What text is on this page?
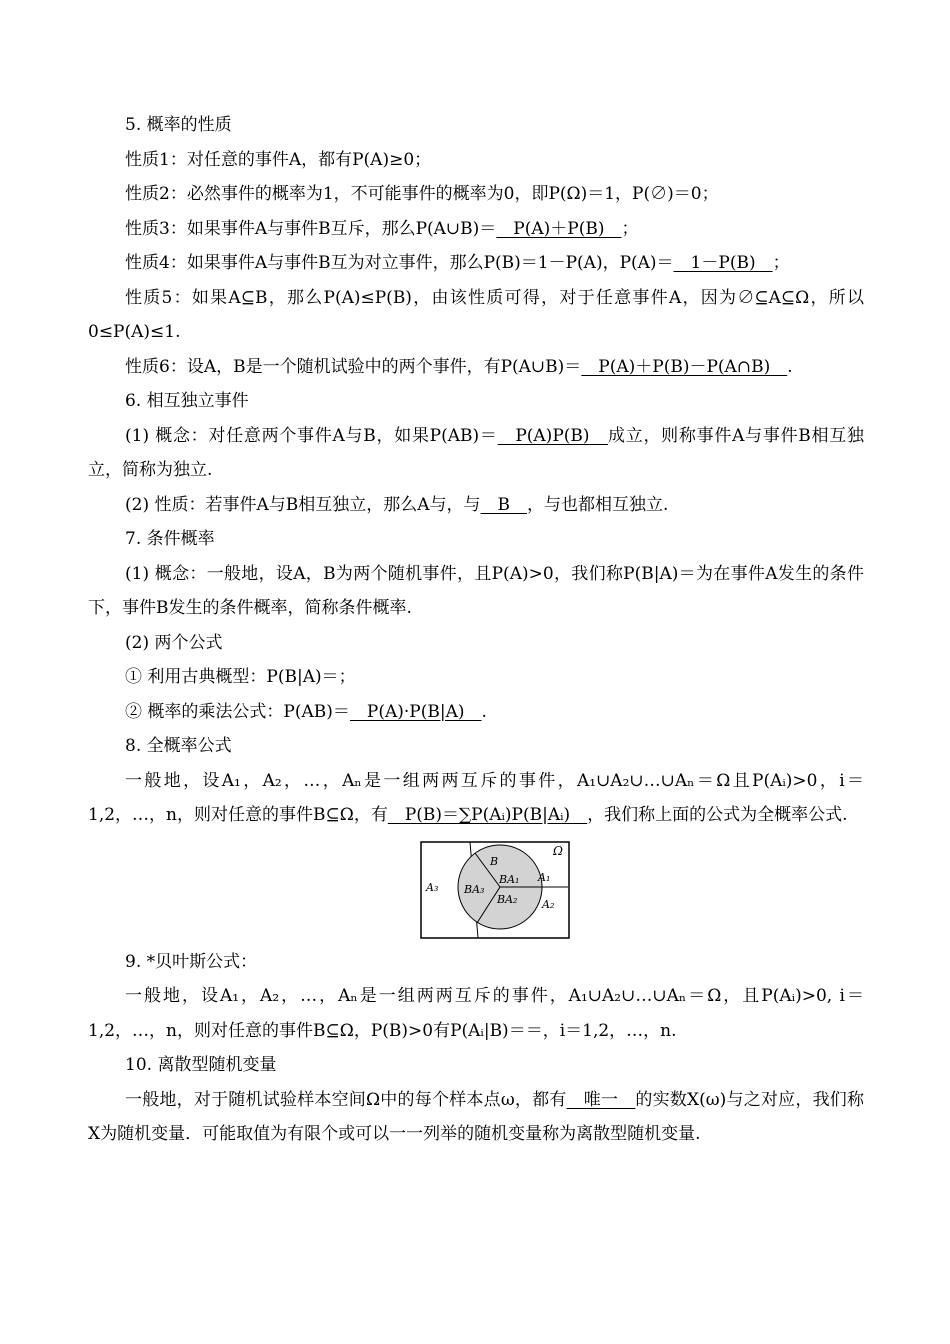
5. 概率的性质

性质1：对任意的事件A，都有P(A)≥0；

性质2：必然事件的概率为1，不可能事件的概率为0，即P(Ω)＝1，P(∅)＝0；

性质3：如果事件A与事件B互斥，那么P(A∪B)＝　P(A)＋P(B)　；

性质4：如果事件A与事件B互为对立事件，那么P(B)＝1－P(A)，P(A)＝　1－P(B)　；

性质5：如果A⊆B，那么P(A)≤P(B)，由该性质可得，对于任意事件A，因为∅⊆A⊆Ω，所以0≤P(A)≤1.

性质6：设A，B是一个随机试验中的两个事件，有P(A∪B)＝　P(A)＋P(B)－P(A∩B)　.

6. 相互独立事件

(1) 概念：对任意两个事件A与B，如果P(AB)＝　P(A)P(B)　成立，则称事件A与事件B相互独立，简称为独立.

(2) 性质：若事件A与B相互独立，那么A与，与　B　，与也都相互独立.

7. 条件概率

(1) 概念：一般地，设A，B为两个随机事件，且P(A)>0，我们称P(B|A)＝为在事件A发生的条件下，事件B发生的条件概率，简称条件概率.

(2) 两个公式

① 利用古典概型：P(B|A)＝；

② 概率的乘法公式：P(AB)＝　P(A)·P(B|A)　.

8. 全概率公式

一般地，设A₁，A₂，…，Aₙ是一组两两互斥的事件，A₁∪A₂∪…∪Aₙ＝Ω且P(Aᵢ)>0，i＝1,2，…，n，则对任意的事件B⊆Ω，有　P(B)＝∑P(Aᵢ)P(B|Aᵢ)　，我们称上面的公式为全概率公式.

Ω
B
BA₁
BA₂
BA₃
A₁
A₂
A₃

9. *贝叶斯公式：

一般地，设A₁，A₂，…，Aₙ是一组两两互斥的事件，A₁∪A₂∪…∪Aₙ＝Ω，且P(Aᵢ)>0, i＝1,2，…，n，则对任意的事件B⊆Ω，P(B)>0有P(Aᵢ|B)＝＝，i＝1,2，…，n.

10. 离散型随机变量

一般地，对于随机试验样本空间Ω中的每个样本点ω，都有　唯一　的实数X(ω)与之对应，我们称X为随机变量．可能取值为有限个或可以一一列举的随机变量称为离散型随机变量.
